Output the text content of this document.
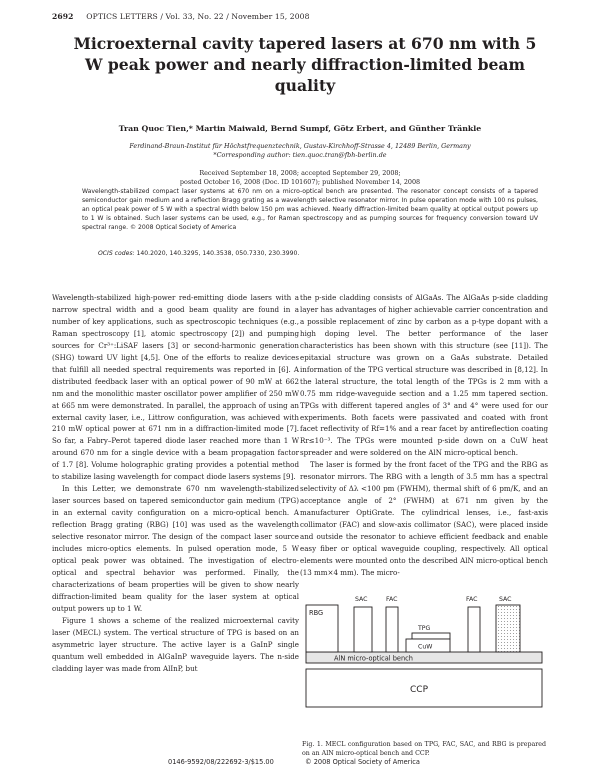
2692 OPTICS LETTERS / Vol. 33, No. 22 / November 15, 2008
Microexternal cavity tapered lasers at 670 nm with 5 W peak power and nearly diffraction-limited beam quality
Tran Quoc Tien,* Martin Maiwald, Bernd Sumpf, Götz Erbert, and Günther Tränkle
Ferdinand-Braun-Institut für Höchstfrequenztechnik, Gustav-Kirchhoff-Strasse 4, 12489 Berlin, Germany
*Corresponding author: tien.quoc.tran@fbh-berlin.de
Received September 18, 2008; accepted September 29, 2008;
posted October 16, 2008 (Doc. ID 101607); published November 14, 2008
Wavelength-stabilized compact laser systems at 670 nm on a micro-optical bench are presented. The resonator concept consists of a tapered semiconductor gain medium and a reflection Bragg grating as a wavelength selective resonator mirror. In pulse operation mode with 100 ns pulses, an optical peak power of 5 W with a spectral width below 150 pm was achieved. Nearly diffraction-limited beam quality at optical output powers up to 1 W is obtained. Such laser systems can be used, e.g., for Raman spectroscopy and as pumping sources for frequency conversion toward UV spectral range. © 2008 Optical Society of America
OCIS codes: 140.2020, 140.3295, 140.3538, 050.7330, 230.3990.

Wavelength-stabilized high-power red-emitting diode lasers with a narrow spectral width and a good beam quality are found in a number of key applications, such as spectroscopic techniques (e.g., Raman spectroscopy [1], atomic spectroscopy [2]) and pumping sources for Cr³⁺:LiSAF lasers [3] or second-harmonic generation (SHG) toward UV light [4,5]. One of the efforts to realize devices that fulfill all needed spectral requirements was reported in [6]. A distributed feedback laser with an optical power of 90 mW at 662 nm and the monolithic master oscillator power amplifier of 250 mW at 665 nm were demonstrated. In parallel, the approach of using an external cavity laser, i.e., Littrow configuration, was achieved with 210 mW optical power at 671 nm in a diffraction-limited mode [7]. So far, a Fabry–Perot tapered diode laser reached more than 1 W around 670 nm for a single device with a beam propagation factor of 1.7 [8]. Volume holographic grating provides a potential method to stabilize lasing wavelength for compact diode lasers systems [9].

In this Letter, we demonstrate 670 nm wavelength-stabilized laser sources based on tapered semiconductor gain medium (TPG) in an external cavity configuration on a micro-optical bench. A reflection Bragg grating (RBG) [10] was used as the wavelength selective resonator mirror. The design of the compact laser source includes micro-optics elements. In pulsed operation mode, 5 W optical peak power was obtained. The investigation of electro-optical and spectral behavior was performed. Finally, the characterizations of beam properties will be given to show nearly diffraction-limited beam quality for the laser system at optical output powers up to 1 W.

Figure 1 shows a scheme of the realized microexternal cavity laser (MECL) system. The vertical structure of TPG is based on an asymmetric layer structure. The active layer is a GaInP single quantum well embedded in AlGaInP waveguide layers. The n-side cladding layer was made from AlInP, but

the p-side cladding consists of AlGaAs. The AlGaAs p-side cladding layer has advantages of higher achievable carrier concentration and a possible replacement of zinc by carbon as a p-type dopant with a high doping level. The better performance of the laser characteristics has been shown with this structure (see [11]). The epitaxial structure was grown on a GaAs substrate. Detailed information of the TPG vertical structure was described in [8,12]. In the lateral structure, the total length of the TPGs is 2 mm with a 0.75 mm ridge-waveguide section and a 1.25 mm tapered section. TPGs with different tapered angles of 3° and 4° were used for our experiments. Both facets were passivated and coated with front facet reflectivity of Rf=1% and a rear facet by antireflection coating Rr≤10⁻³. The TPGs were mounted p-side down on a CuW heat spreader and were soldered on the AlN micro-optical bench.

The laser is formed by the front facet of the TPG and the RBG as resonator mirrors. The RBG with a length of 3.5 mm has a spectral selectivity of Δλ <100 pm (FWHM), thermal shift of 6 pm/K, and an acceptance angle of 2° (FWHM) at 671 nm given by the manufacturer OptiGrate. The cylindrical lenses, i.e., fast-axis collimator (FAC) and slow-axis collimator (SAC), were placed inside and outside the resonator to achieve efficient feedback and enable easy fiber or optical waveguide coupling, respectively. All optical elements were mounted onto the described AlN micro-optical bench (13 mm×4 mm). The micro-

CCP
AlN micro-optical bench
RBG
SAC	FAC
TPG
CuW
FAC	SAC
Fig. 1. MECL configuration based on TPG, FAC, SAC, and RBG is prepared on an AlN micro-optical bench and CCP.
0146-9592/08/222692-3/$15.00	© 2008 Optical Society of America
